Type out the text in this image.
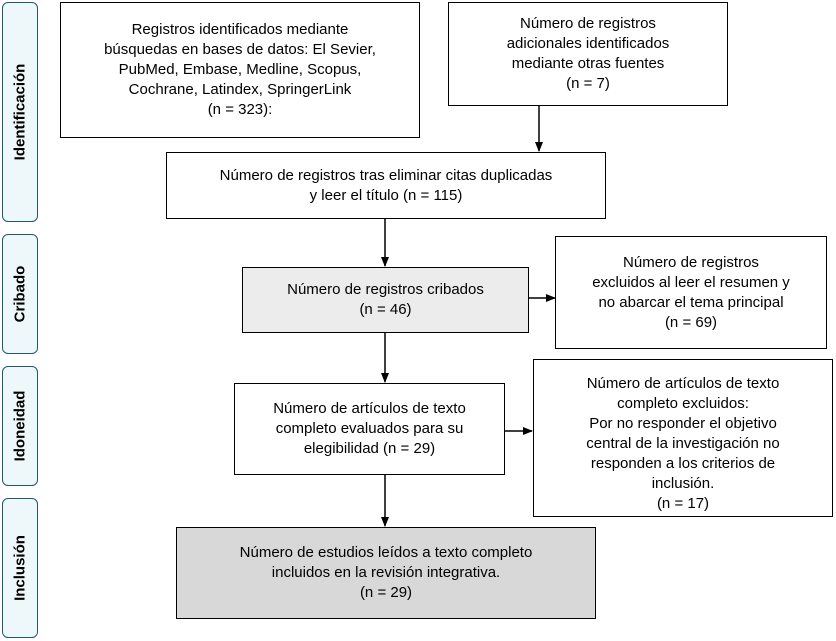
Identificación
Cribado
Idoneidad
Inclusión
Registros identificados mediante
búsquedas en bases de datos: El Sevier,
PubMed, Embase, Medline, Scopus,
Cochrane, Latindex, SpringerLink
(n = 323):
Número de registros
adicionales identificados
mediante otras fuentes
(n = 7)
Número de registros tras eliminar citas duplicadas
y leer el título (n = 115)
Número de registros cribados
(n = 46)
Número de registros
excluidos al leer el resumen y
no abarcar el tema principal
(n = 69)
Número de artículos de texto
completo evaluados para su
elegibilidad (n = 29)
Número de artículos de texto
completo excluidos:
Por no responder el objetivo
central de la investigación no
responden a los criterios de
inclusión.
(n = 17)
Número de estudios leídos a texto completo
incluidos en la revisión integrativa.
(n = 29)
